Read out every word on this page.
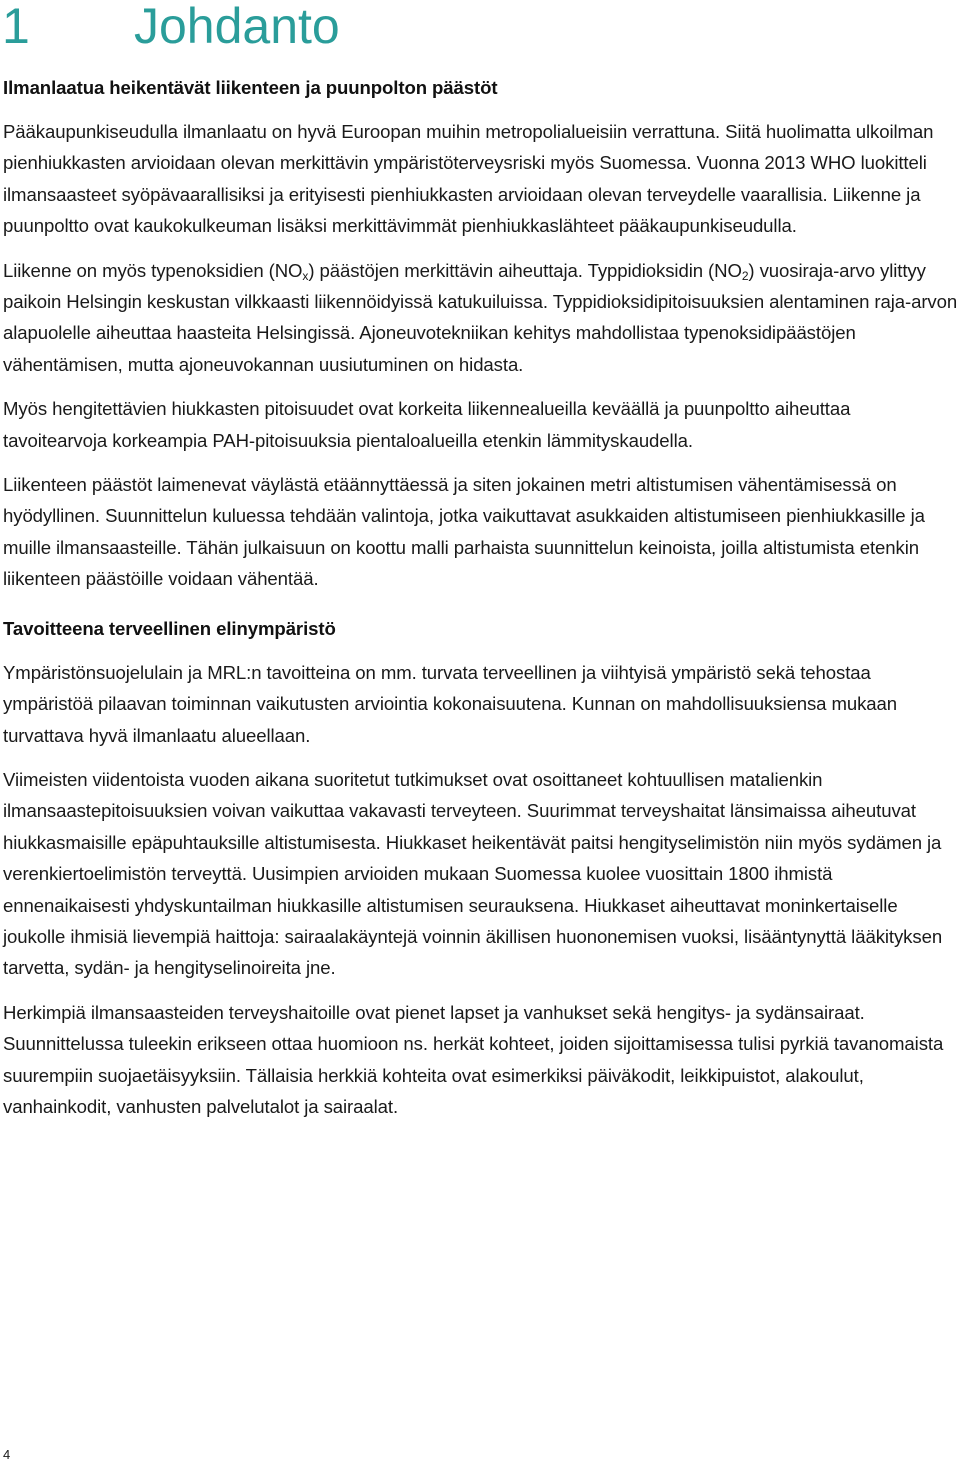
1 Johdanto
Ilmanlaatua heikentävät liikenteen ja puunpolton päästöt

Pääkaupunkiseudulla ilmanlaatu on hyvä Euroopan muihin metropolialueisiin verrattuna. Siitä huolimatta ulkoilman pienhiukkasten arvioidaan olevan merkittävin ympäristöterveysriski myös Suomessa. Vuonna 2013 WHO luokitteli ilmansaasteet syöpävaarallisiksi ja erityisesti pienhiukkasten arvioidaan olevan terveydelle vaarallisia. Liikenne ja puunpoltto ovat kaukokulkeuman lisäksi merkittävimmät pienhiukkaslähteet pääkaupunkiseudulla.

Liikenne on myös typenoksidien $(NO_x)$ päästöjen merkittävin aiheuttaja. Typpidioksidin $(NO_2)$ vuosiraja-arvo ylittyy paikoin Helsingin keskustan vilkkaasti liikennöidyissä katukuiluissa. Typpidioksidipitoisuuksien alentaminen raja-arvon alapuolelle aiheuttaa haasteita Helsingissä. Ajoneuvotekniikan kehitys mahdollistaa typenoksidipäästöjen vähentämisen, mutta ajoneuvokannan uusiutuminen on hidasta.

Myös hengitettävien hiukkasten pitoisuudet ovat korkeita liikennealueilla keväällä ja puunpoltto aiheuttaa tavoitearvoja korkeampia PAH-pitoisuuksia pientaloalueilla etenkin lämmityskaudella.

Liikenteen päästöt laimenevat väylästä etäännyttäessä ja siten jokainen metri altistumisen vähentämisessä on hyödyllinen. Suunnittelun kuluessa tehdään valintoja, jotka vaikuttavat asukkaiden altistumiseen pienhiukkasille ja muille ilmansaasteille. Tähän julkaisuun on koottu malli parhaista suunnittelun keinoista, joilla altistumista etenkin liikenteen päästöille voidaan vähentää.

Tavoitteena terveellinen elinympäristö

Ympäristönsuojelulain ja MRL:n tavoitteina on mm. turvata terveellinen ja viihtyisä ympäristö sekä tehostaa ympäristöä pilaavan toiminnan vaikutusten arviointia kokonaisuutena. Kunnan on mahdollisuuksiensa mukaan turvattava hyvä ilmanlaatu alueellaan.

Viimeisten viidentoista vuoden aikana suoritetut tutkimukset ovat osoittaneet kohtuullisen matalienkin ilmansaastepitoisuuksien voivan vaikuttaa vakavasti terveyteen. Suurimmat terveyshaitat länsimaissa aiheutuvat hiukkasmaisille epäpuhtauksille altistumisesta. Hiukkaset heikentävät paitsi hengityselimistön niin myös sydämen ja verenkiertoelimistön terveyttä. Uusimpien arvioiden mukaan Suomessa kuolee vuosittain 1800 ihmistä ennenaikaisesti yhdyskuntailman hiukkasille altistumisen seurauksena. Hiukkaset aiheuttavat moninkertaiselle joukolle ihmisiä lievempiä haittoja: sairaalakäyntejä voinnin äkillisen huononemisen vuoksi, lisääntynyttä lääkityksen tarvetta, sydän- ja hengityselinoireita jne.

Herkimpiä ilmansaasteiden terveyshaitoille ovat pienet lapset ja vanhukset sekä hengitys- ja sydänsairaat. Suunnittelussa tuleekin erikseen ottaa huomioon ns. herkät kohteet, joiden sijoittamisessa tulisi pyrkiä tavanomaista suurempiin suojaetäisyyksiin. Tällaisia herkkiä kohteita ovat esimerkiksi päiväkodit, leikkipuistot, alakoulut, vanhainkodit, vanhusten palvelutalot ja sairaalat.

4
